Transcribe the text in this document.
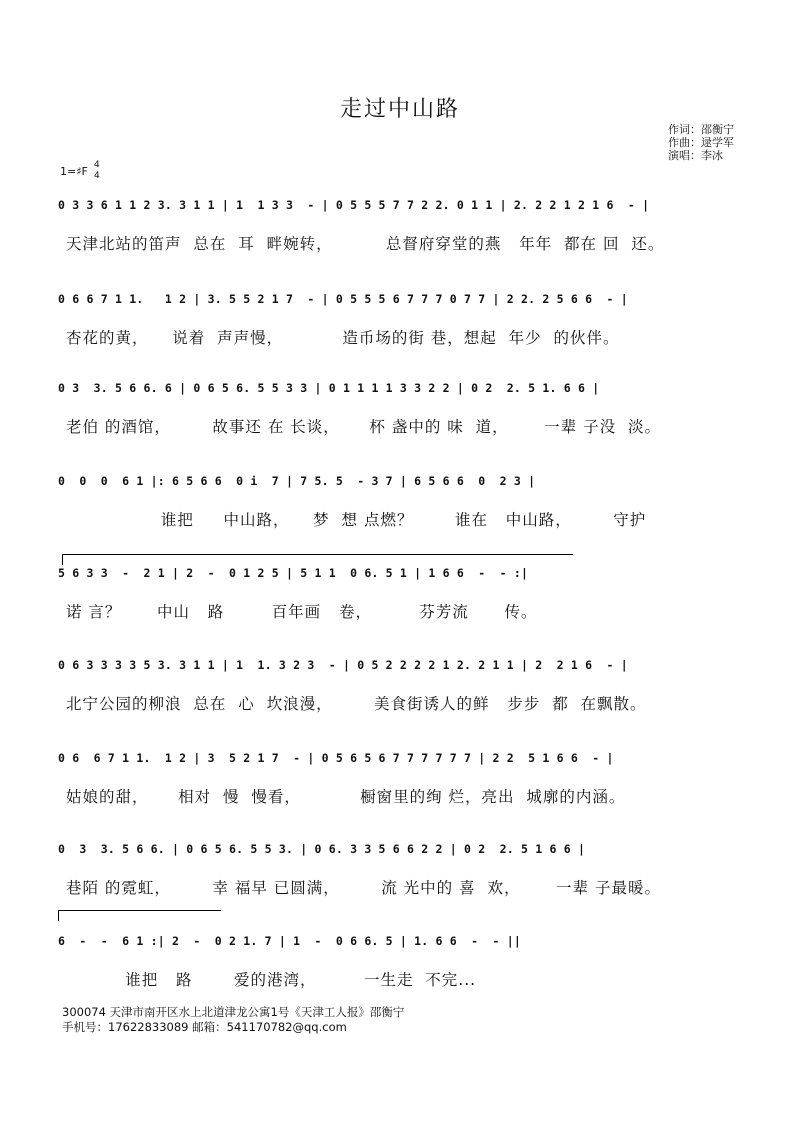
走过中山路
作词：邵衡宁
作曲：逯学军
演唱：李冰
1=♯F 4
4
0 3 3 6 1 1 2 3. 3 1 1 | 1  1 3 3  - | 0 5 5 5 7 7 2 2. 0 1 1 | 2. 2 2 1 2 1 6  - |
天津北站的笛声  总在  耳  畔婉转，         总督府穿堂的燕   年年  都在 回  还。
0 6 6 7 1 1.   1 2 | 3. 5 5 2 1 7  - | 0 5 5 5 6 7 7 7 0 7 7 | 2 2. 2 5 6 6  - |
杏花的黄，    说着  声声慢，          造币场的街 巷，想起  年少  的伙伴。
0 3  3. 5 6 6. 6 | 0 6 5 6. 5 5 3 3 | 0 1 1 1 1 3 3 2 2 | 0 2  2. 5 1. 6 6 |
老伯 的酒馆，       故事还 在 长谈，     杯 盏中的 味  道，      一辈 子没  淡。
0  0  0  6 1 |: 6 5 6 6  0 i  7 | 7 5. 5  - 3 7 | 6 5 6 6  0  2 3 |
谁把     中山路，    梦  想 点燃？       谁在   中山路，       守护
5 6 3 3  -  2 1 | 2  -  0 1 2 5 | 5 1 1  0 6. 5 1 | 1 6 6  -  - :|
诺 言？      中山   路        百年画   卷，        芬芳流      传。
0 6 3 3 3 3 5 3. 3 1 1 | 1  1. 3 2 3  - | 0 5 2 2 2 2 1 2. 2 1 1 | 2  2 1 6  - |
北宁公园的柳浪  总在  心  坎浪漫，       美食街诱人的鲜   步步  都  在飘散。
0 6  6 7 1 1.  1 2 | 3  5 2 1 7  - | 0 5 6 5 6 7 7 7 7 7 7 | 2 2  5 1 6 6  - |
姑娘的甜，     相对  慢  慢看，          橱窗里的绚 烂，亮出  城廓的内涵。
0  3  3. 5 6 6. | 0 6 5 6. 5 5 3. | 0 6. 3 3 5 6 6 2 2 | 0 2  2. 5 1 6 6 |
巷陌 的霓虹，       幸 福早 已圆满，       流 光中的 喜  欢，      一辈 子最暖。
6  -  -  6 1 :| 2  -  0 2 1. 7 | 1  -  0 6 6. 5 | 1. 6 6  -  - ||
谁把   路       爱的港湾，        一生走  不完...
300074 天津市南开区水上北道津龙公寓1号《天津工人报》邵衡宁
手机号：17622833089 邮箱：541170782@qq.com
